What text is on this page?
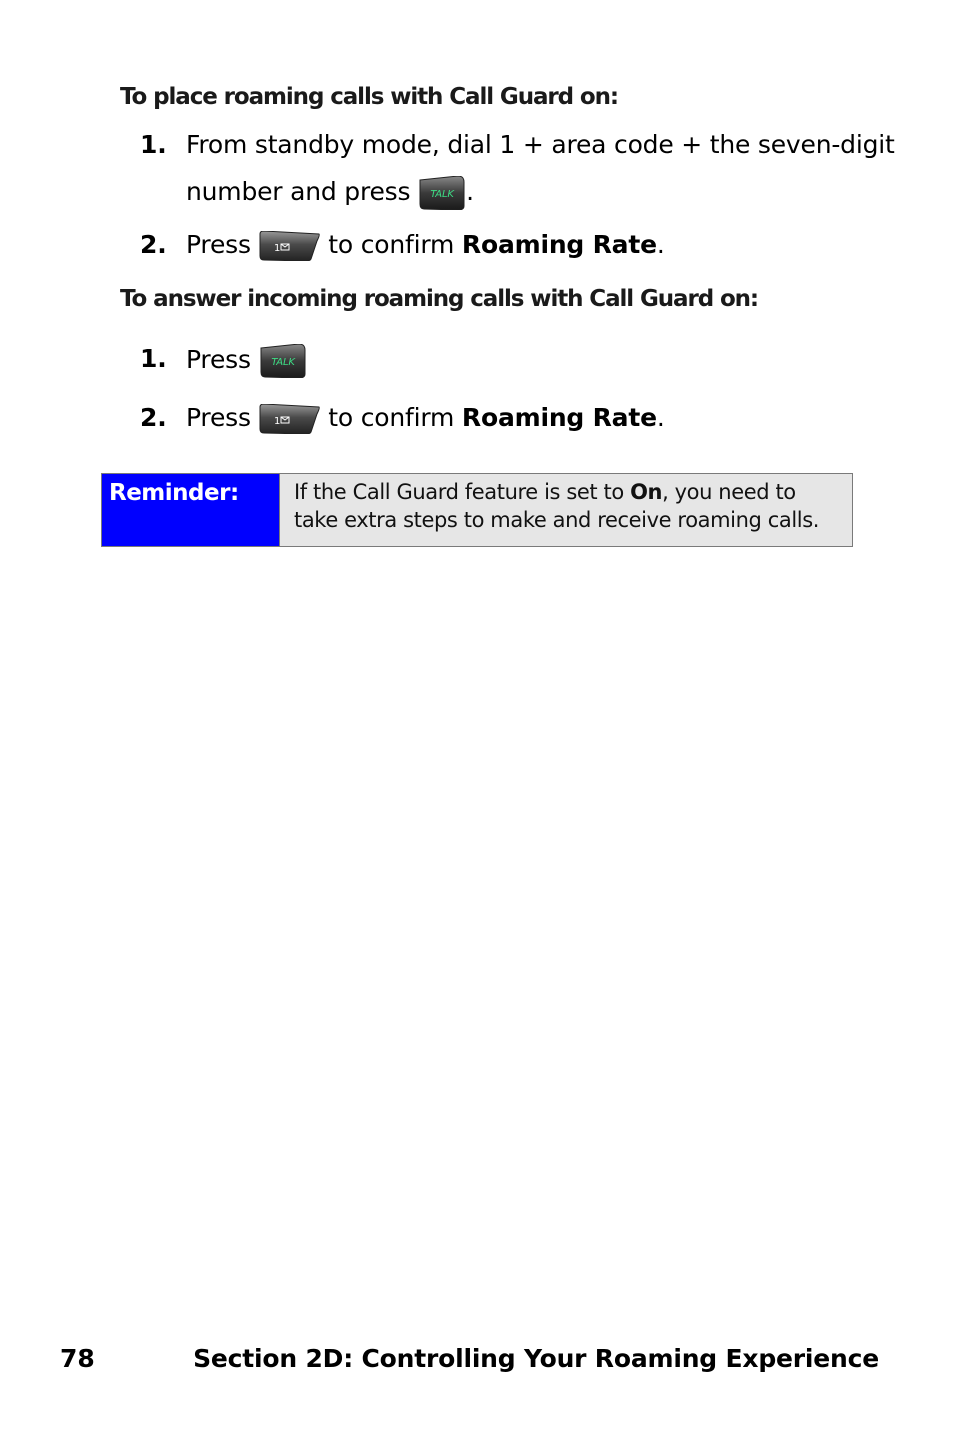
To place roaming calls with Call Guard on:
1. From standby mode, dial 1 + area code + the seven-digit
number and press TALK .
2. Press 1 to confirm Roaming Rate.
To answer incoming roaming calls with Call Guard on:
1. Press TALK
2. Press 1 to confirm Roaming Rate.
Reminder:	If the Call Guard feature is set to On, you need to take extra steps to make and receive roaming calls.
78	Section 2D: Controlling Your Roaming Experience
